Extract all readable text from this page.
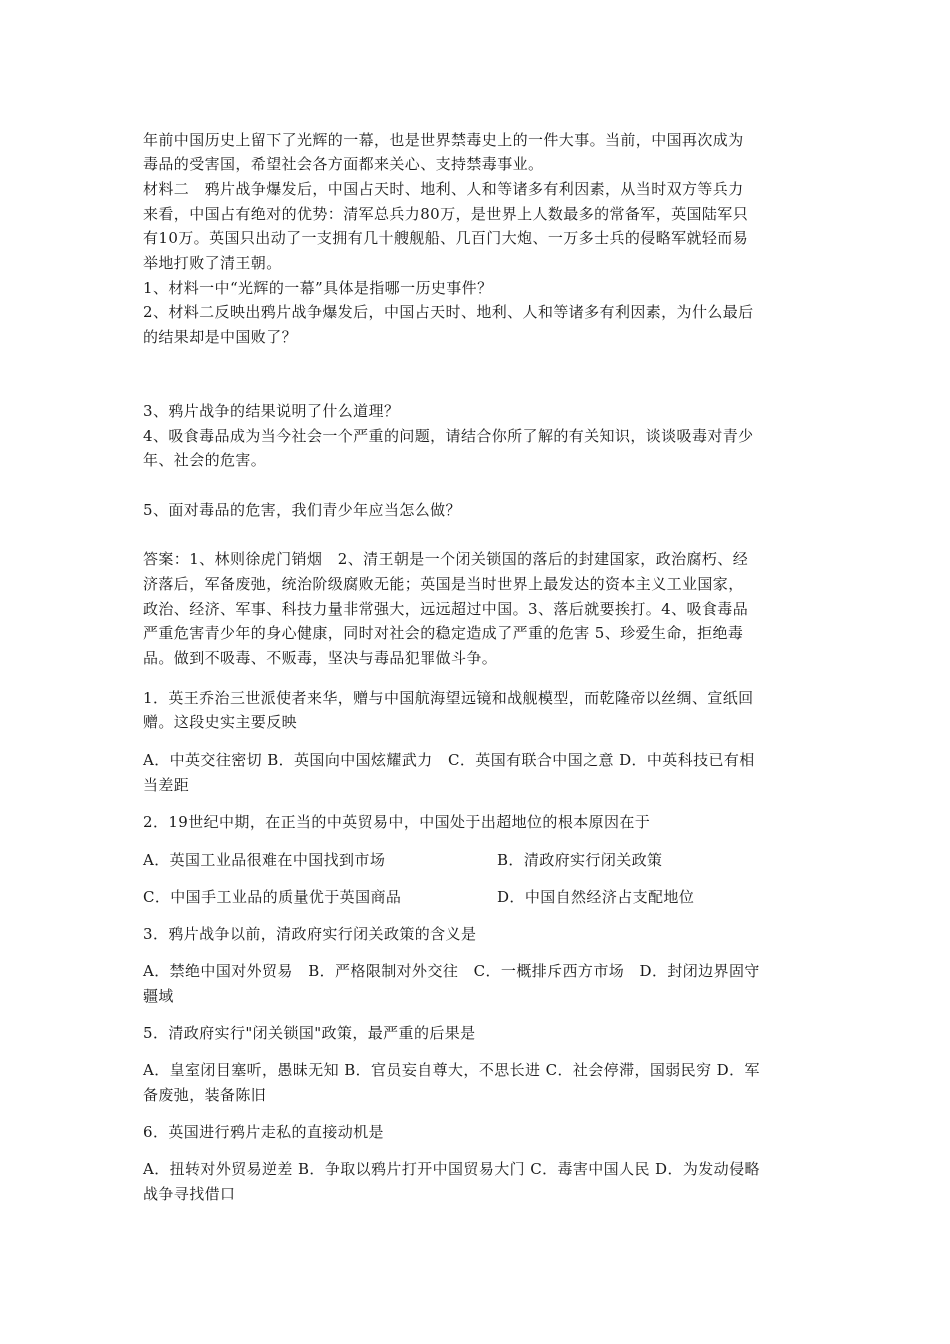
年前中国历史上留下了光辉的一幕，也是世界禁毒史上的一件大事。当前，中国再次成为
毒品的受害国，希望社会各方面都来关心、支持禁毒事业。
材料二　鸦片战争爆发后，中国占天时、地利、人和等诸多有利因素，从当时双方等兵力
来看，中国占有绝对的优势：清军总兵力80万，是世界上人数最多的常备军，英国陆军只
有10万。英国只出动了一支拥有几十艘舰船、几百门大炮、一万多士兵的侵略军就轻而易
举地打败了清王朝。
1、材料一中“光辉的一幕”具体是指哪一历史事件？
2、材料二反映出鸦片战争爆发后，中国占天时、地利、人和等诸多有利因素，为什么最后
的结果却是中国败了？
3、鸦片战争的结果说明了什么道理？
4、吸食毒品成为当今社会一个严重的问题，请结合你所了解的有关知识，谈谈吸毒对青少
年、社会的危害。
5、面对毒品的危害，我们青少年应当怎么做？
答案：1、林则徐虎门销烟　2、清王朝是一个闭关锁国的落后的封建国家，政治腐朽、经
济落后，军备废弛，统治阶级腐败无能；英国是当时世界上最发达的资本主义工业国家，
政治、经济、军事、科技力量非常强大，远远超过中国。3、落后就要挨打。4、吸食毒品
严重危害青少年的身心健康，同时对社会的稳定造成了严重的危害 5、珍爱生命，拒绝毒
品。做到不吸毒、不贩毒，坚决与毒品犯罪做斗争。
1．英王乔治三世派使者来华，赠与中国航海望远镜和战舰模型，而乾隆帝以丝绸、宣纸回
赠。这段史实主要反映
A．中英交往密切 B．英国向中国炫耀武力　C．英国有联合中国之意 D．中英科技已有相
当差距
2．19世纪中期，在正当的中英贸易中，中国处于出超地位的根本原因在于
A．英国工业品很难在中国找到市场	B．清政府实行闭关政策
C．中国手工业品的质量优于英国商品	D．中国自然经济占支配地位
3．鸦片战争以前，清政府实行闭关政策的含义是
A．禁绝中国对外贸易　B．严格限制对外交往　C．一概排斥西方市场　D．封闭边界固守
疆域
5．清政府实行"闭关锁国"政策，最严重的后果是
A．皇室闭目塞听，愚昧无知 B．官员妄自尊大，不思长进 C．社会停滞，国弱民穷 D．军
备废弛，装备陈旧
6．英国进行鸦片走私的直接动机是
A．扭转对外贸易逆差 B．争取以鸦片打开中国贸易大门 C．毒害中国人民 D．为发动侵略
战争寻找借口
